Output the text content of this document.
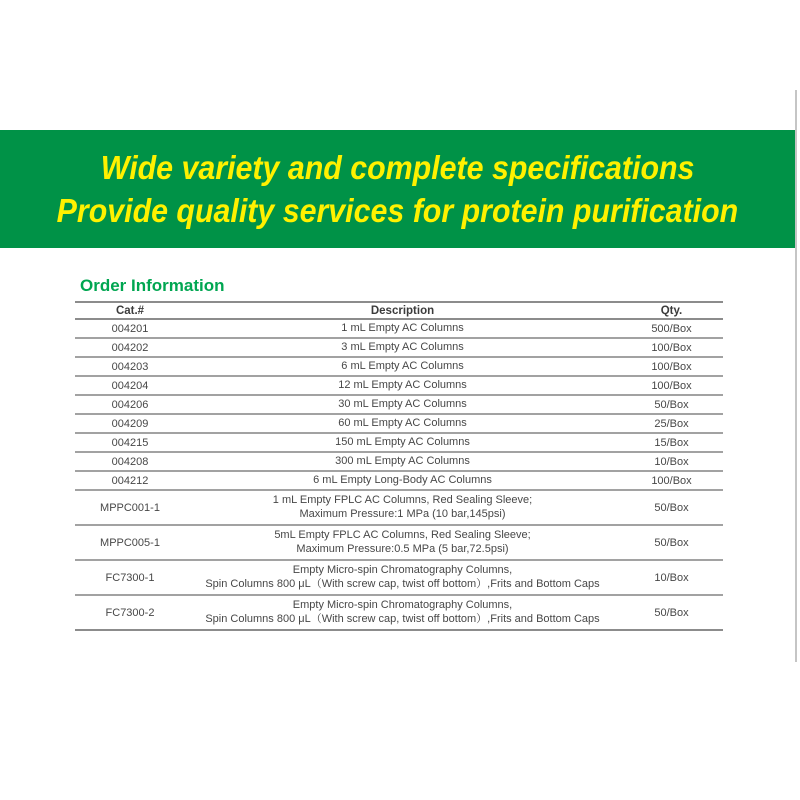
Wide variety and complete specifications
Provide quality services for protein purification
Order Information
Cat.#	Description	Qty.
004201	1 mL Empty AC Columns	500/Box
004202	3 mL Empty AC Columns	100/Box
004203	6 mL Empty AC Columns	100/Box
004204	12 mL Empty AC Columns	100/Box
004206	30 mL Empty AC Columns	50/Box
004209	60 mL Empty AC Columns	25/Box
004215	150 mL Empty AC Columns	15/Box
004208	300 mL Empty AC Columns	10/Box
004212	6 mL Empty Long-Body AC Columns	100/Box
MPPC001-1	1 mL Empty FPLC AC Columns, Red Sealing Sleeve;
Maximum Pressure:1 MPa (10 bar,145psi)	50/Box
MPPC005-1	5mL Empty FPLC AC Columns, Red Sealing Sleeve;
Maximum Pressure:0.5 MPa (5 bar,72.5psi)	50/Box
FC7300-1	Empty Micro-spin Chromatography Columns,
Spin Columns 800 μL（With screw cap, twist off bottom）,Frits and Bottom Caps	10/Box
FC7300-2	Empty Micro-spin Chromatography Columns,
Spin Columns 800 μL（With screw cap, twist off bottom）,Frits and Bottom Caps	50/Box
